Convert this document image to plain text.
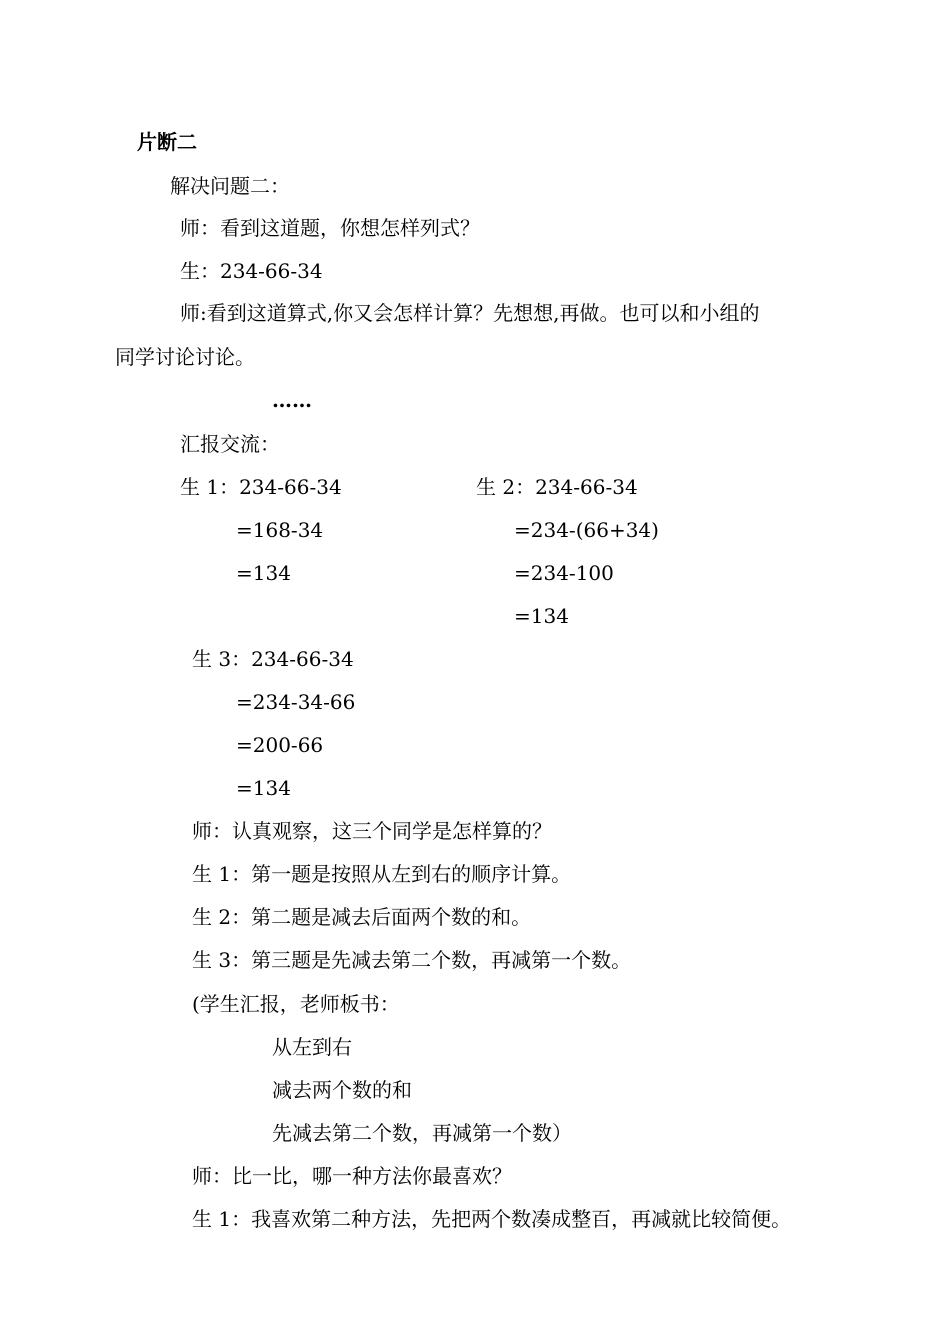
片断二
解决问题二：
师：看到这道题，你想怎样列式？
生：234-66-34
师:看到这道算式,你又会怎样计算？先想想,再做。也可以和小组的
同学讨论讨论。
……
汇报交流：
生 1：234-66-34
=168-34
=134
生 2：234-66-34
=234-(66+34)
=234-100
=134
生 3：234-66-34
=234-34-66
=200-66
=134
师：认真观察，这三个同学是怎样算的？
生 1：第一题是按照从左到右的顺序计算。
生 2：第二题是减去后面两个数的和。
生 3：第三题是先减去第二个数，再减第一个数。
(学生汇报，老师板书：
从左到右
减去两个数的和
先减去第二个数，再减第一个数）
师：比一比，哪一种方法你最喜欢？
生 1：我喜欢第二种方法，先把两个数凑成整百，再减就比较简便。
